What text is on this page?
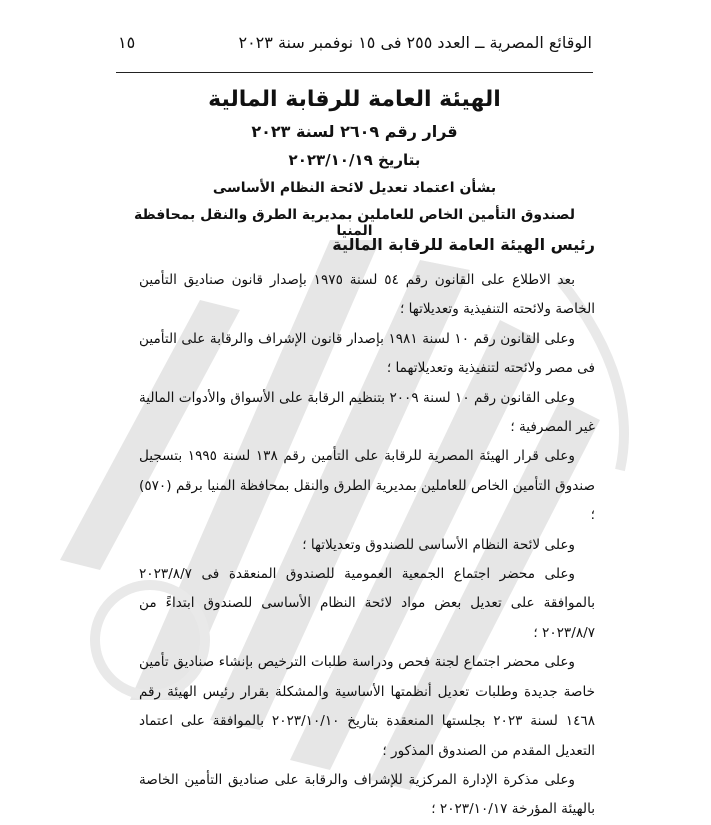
الوقائع المصرية ــ العدد ٢٥٥ فى ١٥ نوفمبر سنة ٢٠٢٣
١٥
الهيئة العامة للرقابة المالية
قرار رقم ٢٦٠٩ لسنة ٢٠٢٣
بتاريخ ٢٠٢٣/١٠/١٩
بشأن اعتماد تعديل لائحة النظام الأساسى
لصندوق التأمين الخاص للعاملين بمديرية الطرق والنقل بمحافظة المنيا
رئيس الهيئة العامة للرقابة المالية

بعد الاطلاع على القانون رقم ٥٤ لسنة ١٩٧٥ بإصدار قانون صناديق التأمين الخاصة ولائحته التنفيذية وتعديلاتها ؛

وعلى القانون رقم ١٠ لسنة ١٩٨١ بإصدار قانون الإشراف والرقابة على التأمين فى مصر ولائحته لتنفيذية وتعديلاتهما ؛

وعلى القانون رقم ١٠ لسنة ٢٠٠٩ بتنظيم الرقابة على الأسواق والأدوات المالية غير المصرفية ؛

وعلى قرار الهيئة المصرية للرقابة على التأمين رقم ١٣٨ لسنة ١٩٩٥ بتسجيل صندوق التأمين الخاص للعاملين بمديرية الطرق والنقل بمحافظة المنيا برقم (٥٧٠) ؛

وعلى لائحة النظام الأساسى للصندوق وتعديلاتها ؛

وعلى محضر اجتماع الجمعية العمومية للصندوق المنعقدة فى ٢٠٢٣/٨/٧ بالموافقة على تعديل بعض مواد لائحة النظام الأساسى للصندوق ابتداءً من ٢٠٢٣/٨/٧ ؛

وعلى محضر اجتماع لجنة فحص ودراسة طلبات الترخيص بإنشاء صناديق تأمين خاصة جديدة وطلبات تعديل أنظمتها الأساسية والمشكلة بقرار رئيس الهيئة رقم ١٤٦٨ لسنة ٢٠٢٣ بجلستها المنعقدة بتاريخ ٢٠٢٣/١٠/١٠ بالموافقة على اعتماد التعديل المقدم من الصندوق المذكور ؛

وعلى مذكرة الإدارة المركزية للإشراف والرقابة على صناديق التأمين الخاصة بالهيئة المؤرخة ٢٠٢٣/١٠/١٧ ؛
